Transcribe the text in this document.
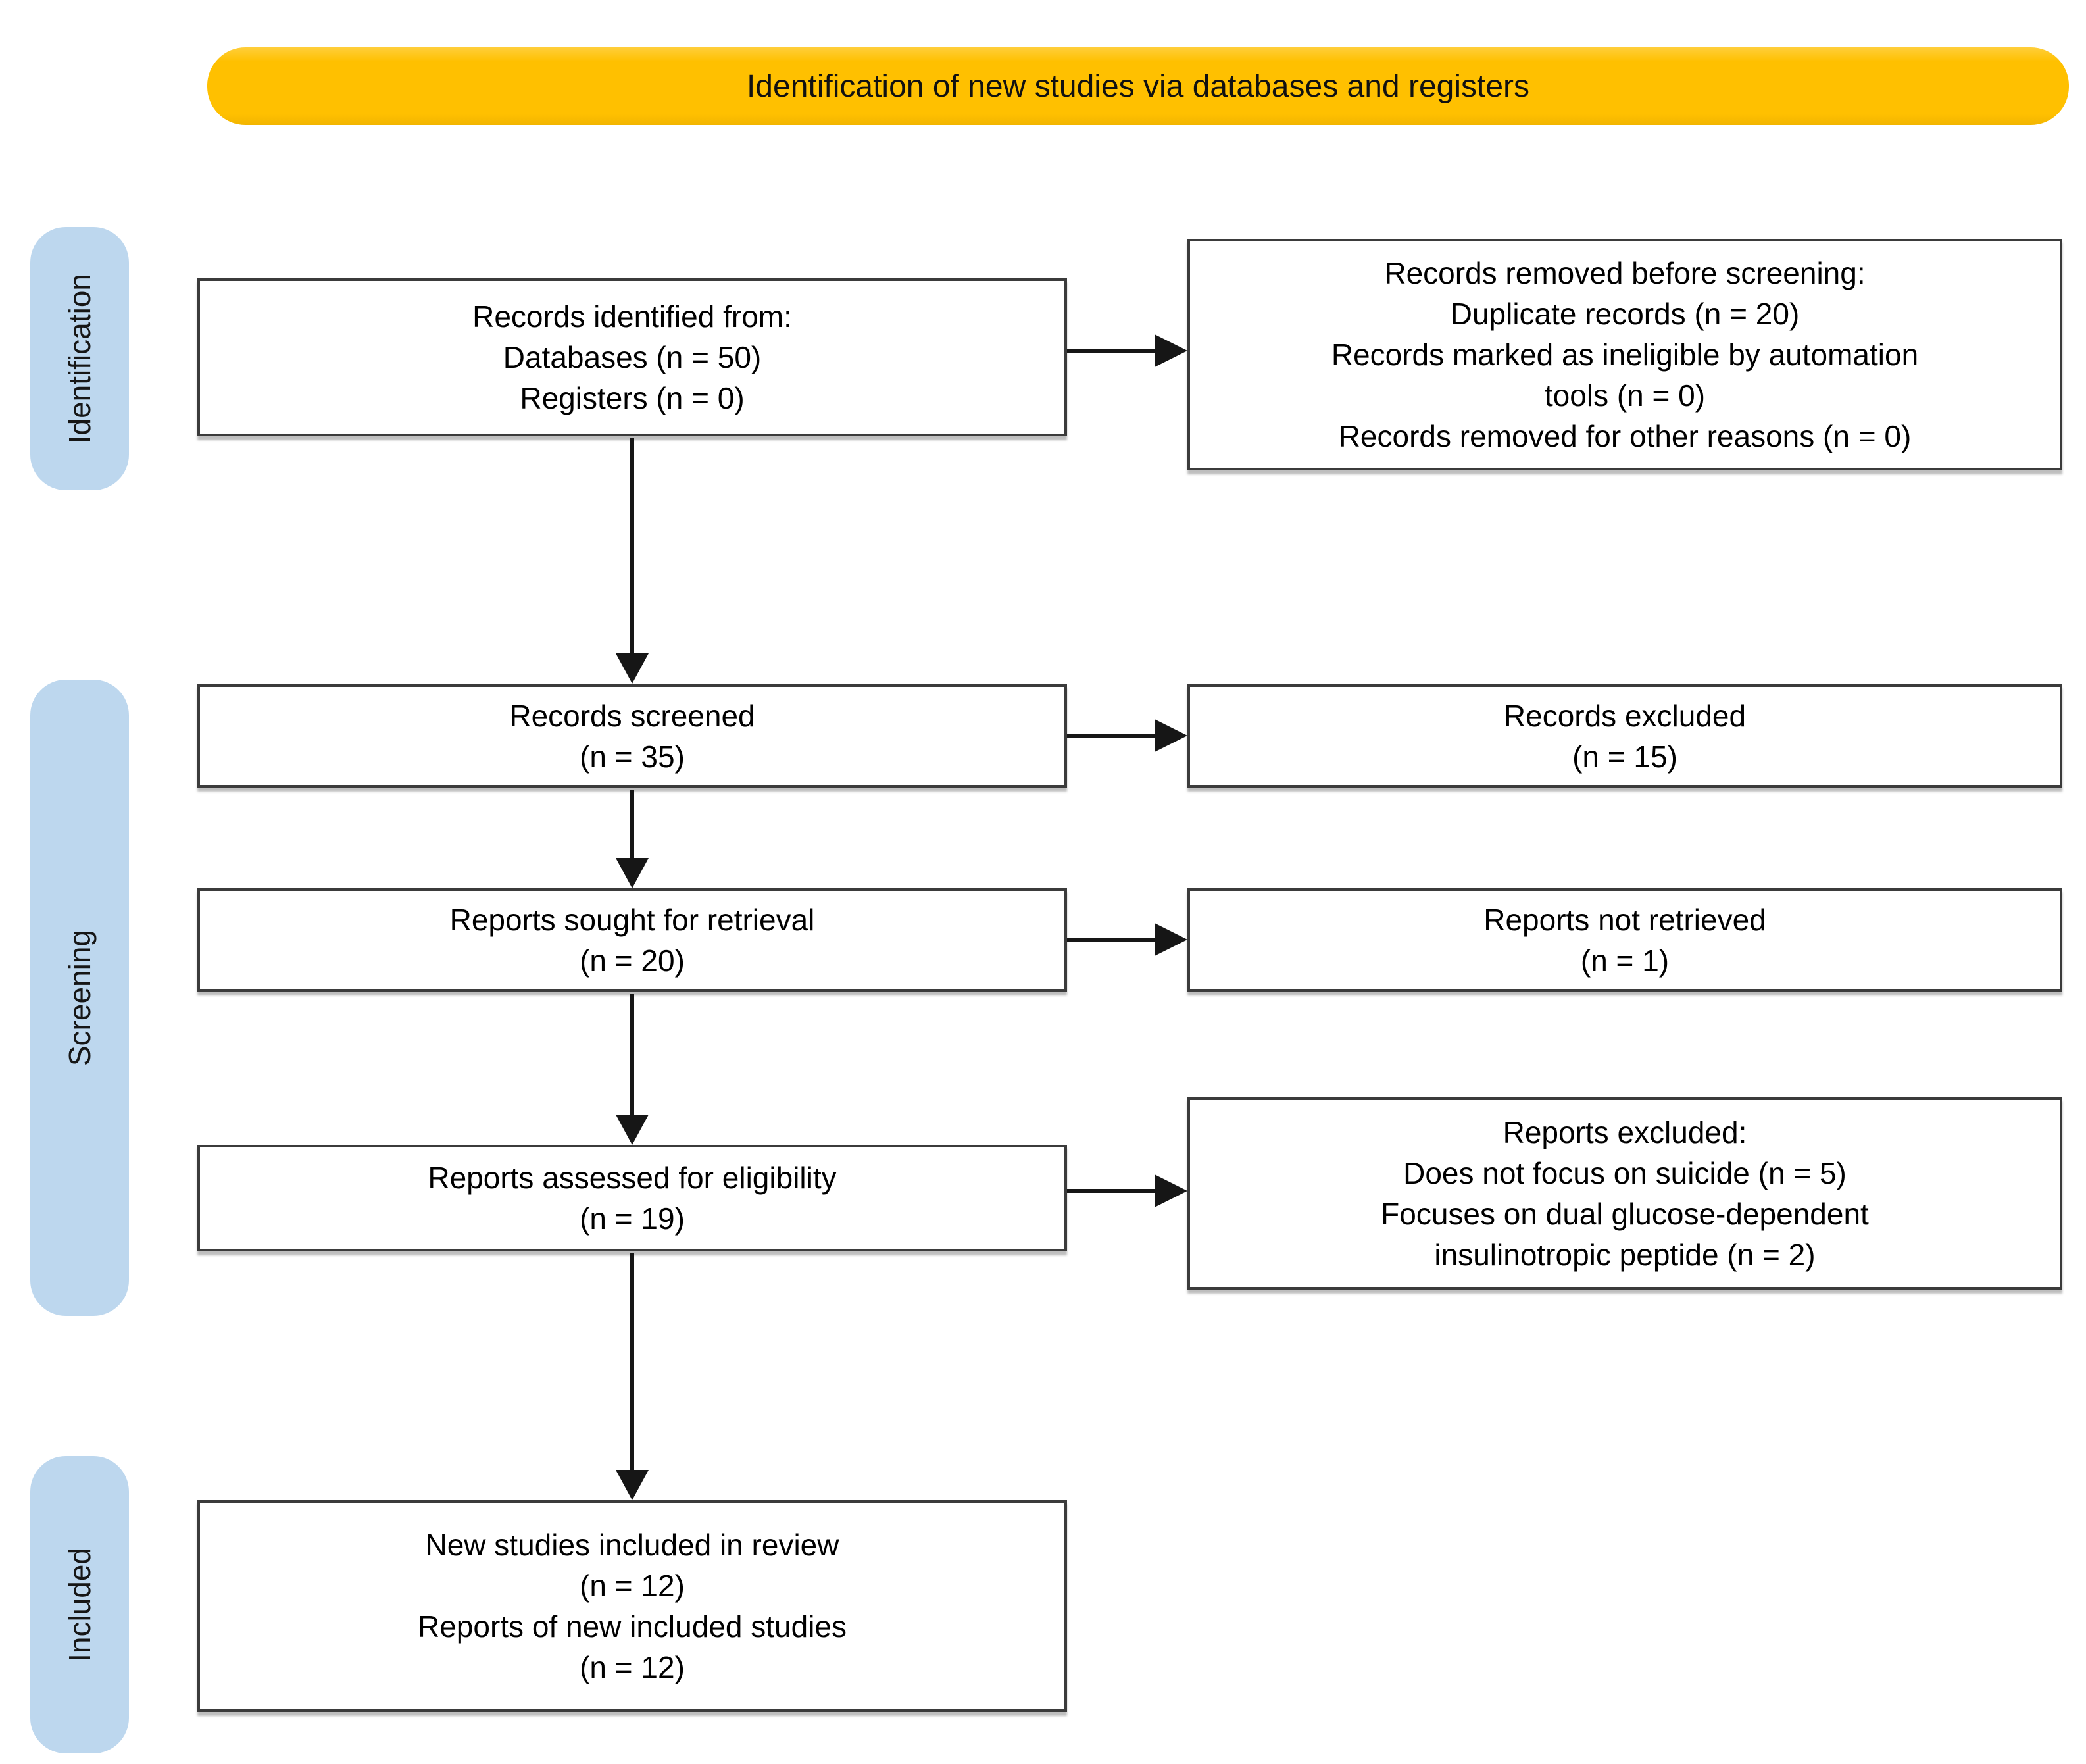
Identification of new studies via databases and registers
Identification
Screening
Included
Records identified from:
Databases (n = 50)
Registers (n = 0)
Records removed before screening:
Duplicate records (n = 20)
Records marked as ineligible by automation
tools (n = 0)
Records removed for other reasons (n = 0)
Records screened
(n = 35)
Records excluded
(n = 15)
Reports sought for retrieval
(n = 20)
Reports not retrieved
(n = 1)
Reports assessed for eligibility
(n = 19)
Reports excluded:
Does not focus on suicide (n = 5)
Focuses on dual glucose-dependent
insulinotropic peptide (n = 2)
New studies included in review
(n = 12)
Reports of new included studies
(n = 12)
